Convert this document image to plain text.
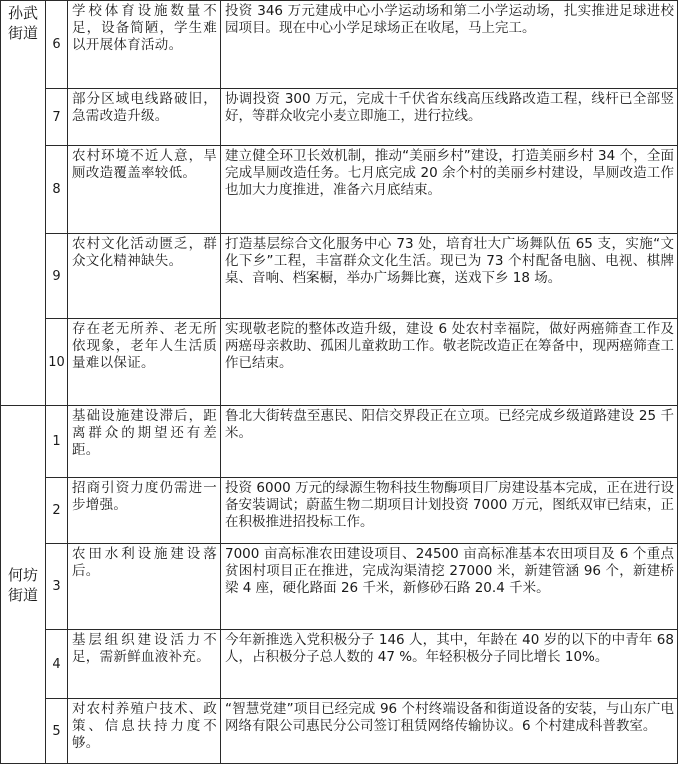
孙武街道	6	学校体育设施数量不足，设备简陋，学生难以开展体育活动。	投资 346 万元建成中心小学运动场和第二小学运动场，扎实推进足球进校园项目。现在中心小学足球场正在收尾，马上完工。
	7	部分区域电线路破旧，急需改造升级。	协调投资 300 万元，完成十千伏省东线高压线路改造工程，线杆已全部竖好，等群众收完小麦立即施工，进行拉线。
	8	农村环境不近人意，旱厕改造覆盖率较低。	建立健全环卫长效机制，推动“美丽乡村”建设，打造美丽乡村 34 个，全面完成旱厕改造任务。七月底完成 20 余个村的美丽乡村建设，旱厕改造工作也加大力度推进，准备六月底结束。
	9	农村文化活动匮乏，群众文化精神缺失。	打造基层综合文化服务中心 73 处，培育壮大广场舞队伍 65 支，实施“文化下乡”工程，丰富群众文化生活。现已为 73 个村配备电脑、电视、棋牌桌、音响、档案橱，举办广场舞比赛，送戏下乡 18 场。
	10	存在老无所养、老无所依现象，老年人生活质量难以保证。	实现敬老院的整体改造升级，建设 6 处农村幸福院，做好两癌筛查工作及两癌母亲救助、孤困儿童救助工作。敬老院改造正在筹备中，现两癌筛查工作已结束。
何坊街道	1	基础设施建设滞后，距离群众的期望还有差距。	鲁北大街转盘至惠民、阳信交界段正在立项。已经完成乡级道路建设 25 千米。
	2	招商引资力度仍需进一步增强。	投资 6000 万元的绿源生物科技生物酶项目厂房建设基本完成，正在进行设备安装调试；蔚蓝生物二期项目计划投资 7000 万元，图纸双审已结束，正在积极推进招投标工作。
	3	农田水利设施建设落后。	7000 亩高标准农田建设项目、24500 亩高标准基本农田项目及 6 个重点贫困村项目正在推进，完成沟渠清挖 27000 米，新建管涵 96 个，新建桥梁 4 座，硬化路面 26 千米，新修砂石路 20.4 千米。
	4	基层组织建设活力不足，需新鲜血液补充。	今年新推选入党积极分子 146 人，其中，年龄在 40 岁的以下的中青年 68 人，占积极分子总人数的 47 %。年轻积极分子同比增长 10%。
	5	对农村养殖户技术、政策、信息扶持力度不够。	“智慧党建”项目已经完成 96 个村终端设备和街道设备的安装，与山东广电网络有限公司惠民分公司签订租赁网络传输协议。6 个村建成科普教室。
